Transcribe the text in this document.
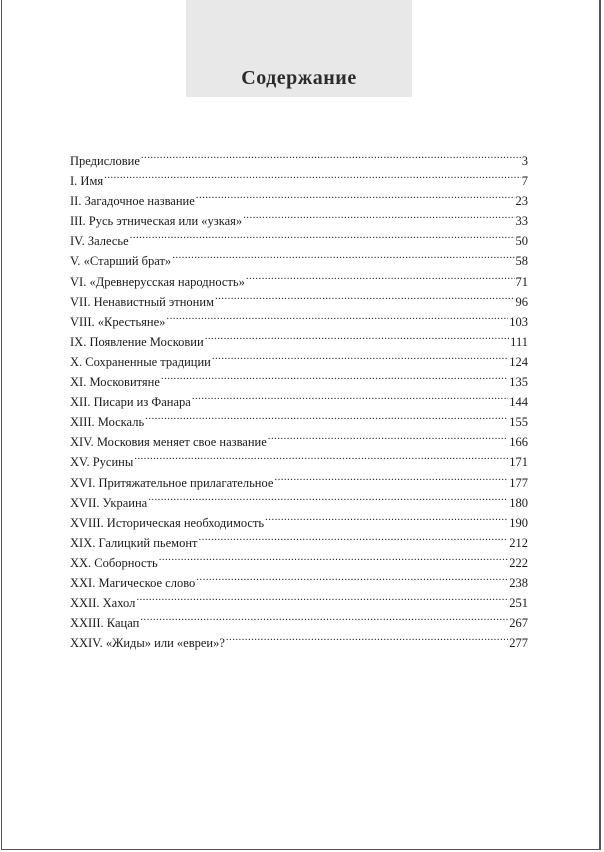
Содержание
Предисловие .....	3
I. Имя .....	7
II. Загадочное название .....	23
III. Русь этническая или «узкая» .....	33
IV. Залесье .....	50
V. «Старший брат» .....	58
VI. «Древнерусская народность» .....	71
VII. Ненавистный этноним .....	96
VIII. «Крестьяне» .....	103
IX. Появление Московии .....	111
X. Сохраненные традиции .....	124
XI. Московитяне .....	135
XII. Писари из Фанара .....	144
XIII. Москаль .....	155
XIV. Московия меняет свое название .....	166
XV. Русины .....	171
XVI. Притяжательное прилагательное .....	177
XVII. Украина .....	180
XVIII. Историческая необходимость .....	190
XIX. Галицкий пьемонт .....	212
XX. Соборность .....	222
XXI. Магическое слово .....	238
XXII. Хахол .....	251
XXIII. Кацап .....	267
XXIV. «Жиды» или «евреи»? .....	277
